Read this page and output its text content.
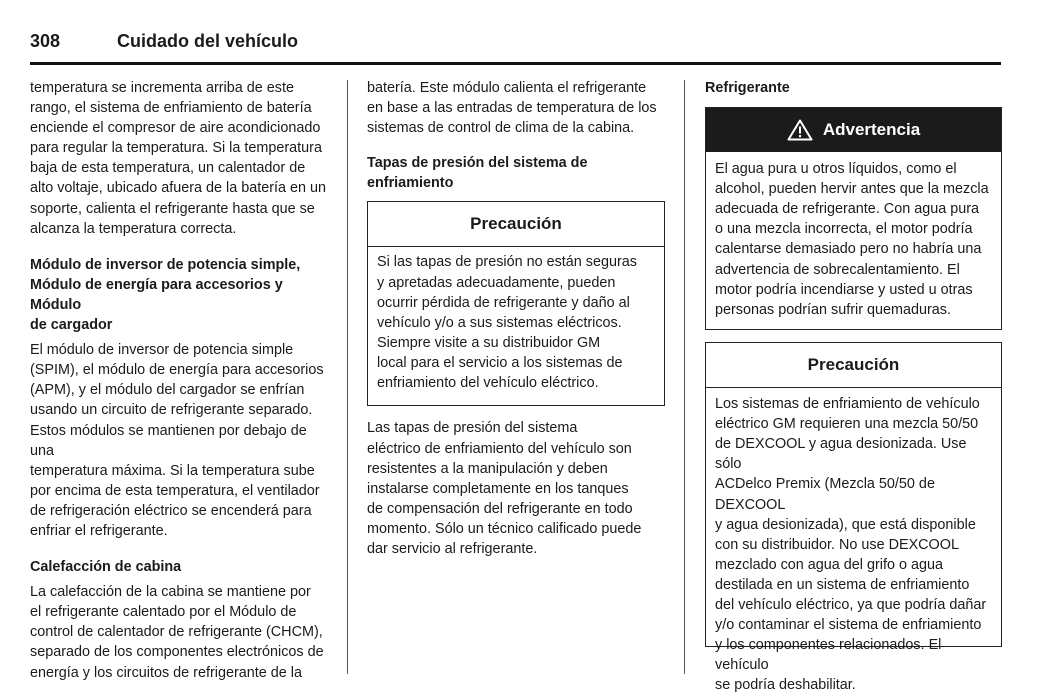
308	Cuidado del vehículo

temperatura se incrementa arriba de este
rango, el sistema de enfriamiento de batería
enciende el compresor de aire acondicionado
para regular la temperatura. Si la temperatura
baja de esta temperatura, un calentador de
alto voltaje, ubicado afuera de la batería en un
soporte, calienta el refrigerante hasta que se
alcanza la temperatura correcta.

Módulo de inversor de potencia simple,
Módulo de energía para accesorios y Módulo
de cargador

El módulo de inversor de potencia simple
(SPIM), el módulo de energía para accesorios
(APM), y el módulo del cargador se enfrían
usando un circuito de refrigerante separado.
Estos módulos se mantienen por debajo de una
temperatura máxima. Si la temperatura sube
por encima de esta temperatura, el ventilador
de refrigeración eléctrico se encenderá para
enfriar el refrigerante.

Calefacción de cabina

La calefacción de la cabina se mantiene por
el refrigerante calentado por el Módulo de
control de calentador de refrigerante (CHCM),
separado de los componentes electrónicos de
energía y los circuitos de refrigerante de la

batería. Este módulo calienta el refrigerante
en base a las entradas de temperatura de los
sistemas de control de clima de la cabina.

Tapas de presión del sistema de enfriamiento
Precaución

Si las tapas de presión no están seguras
y apretadas adecuadamente, pueden
ocurrir pérdida de refrigerante y daño al
vehículo y/o a sus sistemas eléctricos.
Siempre visite a su distribuidor GM
local para el servicio a los sistemas de
enfriamiento del vehículo eléctrico.

Las tapas de presión del sistema
eléctrico de enfriamiento del vehículo son
resistentes a la manipulación y deben
instalarse completamente en los tanques
de compensación del refrigerante en todo
momento. Sólo un técnico calificado puede
dar servicio al refrigerante.

Refrigerante
Advertencia

El agua pura u otros líquidos, como el
alcohol, pueden hervir antes que la mezcla
adecuada de refrigerante. Con agua pura
o una mezcla incorrecta, el motor podría
calentarse demasiado pero no habría una
advertencia de sobrecalentamiento. El
motor podría incendiarse y usted u otras
personas podrían sufrir quemaduras.

Precaución

Los sistemas de enfriamiento de vehículo
eléctrico GM requieren una mezcla 50/50
de DEXCOOL y agua desionizada. Use sólo
ACDelco Premix (Mezcla 50/50 de DEXCOOL
y agua desionizada), que está disponible
con su distribuidor. No use DEXCOOL
mezclado con agua del grifo o agua
destilada en un sistema de enfriamiento
del vehículo eléctrico, ya que podría dañar
y/o contaminar el sistema de enfriamiento
y los componentes relacionados. El vehículo
se podría deshabilitar.
